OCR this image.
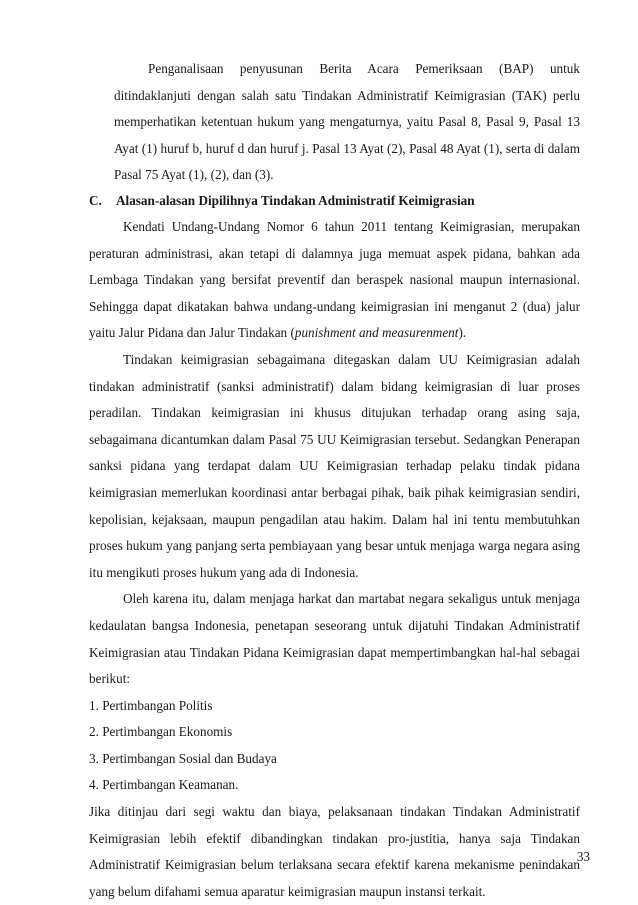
Penganalisaan penyusunan Berita Acara Pemeriksaan (BAP) untuk ditindaklanjuti dengan salah satu Tindakan Administratif Keimigrasian (TAK) perlu memperhatikan ketentuan hukum yang mengaturnya, yaitu Pasal 8, Pasal 9, Pasal 13 Ayat (1) huruf b, huruf d dan huruf j. Pasal 13 Ayat (2), Pasal 48 Ayat (1), serta di dalam Pasal 75 Ayat (1), (2), dan (3).

C. Alasan-alasan Dipilihnya Tindakan Administratif Keimigrasian

Kendati Undang-Undang Nomor 6 tahun 2011 tentang Keimigrasian, merupakan peraturan administrasi, akan tetapi di dalamnya juga memuat aspek pidana, bahkan ada Lembaga Tindakan yang bersifat preventif dan beraspek nasional maupun internasional. Sehingga dapat dikatakan bahwa undang-undang keimigrasian ini menganut 2 (dua) jalur yaitu Jalur Pidana dan Jalur Tindakan (punishment and measurenment).

Tindakan keimigrasian sebagaimana ditegaskan dalam UU Keimigrasian adalah tindakan administratif (sanksi administratif) dalam bidang keimigrasian di luar proses peradilan. Tindakan keimigrasian ini khusus ditujukan terhadap orang asing saja, sebagaimana dicantumkan dalam Pasal 75 UU Keimigrasian tersebut. Sedangkan Penerapan sanksi pidana yang terdapat dalam UU Keimigrasian terhadap pelaku tindak pidana keimigrasian memerlukan koordinasi antar berbagai pihak, baik pihak keimigrasian sendiri, kepolisian, kejaksaan, maupun pengadilan atau hakim. Dalam hal ini tentu membutuhkan proses hukum yang panjang serta pembiayaan yang besar untuk menjaga warga negara asing itu mengikuti proses hukum yang ada di Indonesia.

Oleh karena itu, dalam menjaga harkat dan martabat negara sekaligus untuk menjaga kedaulatan bangsa Indonesia, penetapan seseorang untuk dijatuhi Tindakan Administratif Keimigrasian atau Tindakan Pidana Keimigrasian dapat mempertimbangkan hal-hal sebagai berikut:

1. Pertimbangan Politis

2. Pertimbangan Ekonomis

3. Pertimbangan Sosial dan Budaya

4. Pertimbangan Keamanan.

Jika ditinjau dari segi waktu dan biaya, pelaksanaan tindakan Tindakan Administratif Keimigrasian lebih efektif dibandingkan tindakan pro-justitia, hanya saja Tindakan Administratif Keimigrasian belum terlaksana secara efektif karena mekanisme penindakan yang belum difahami semua aparatur keimigrasian maupun instansi terkait.

33
